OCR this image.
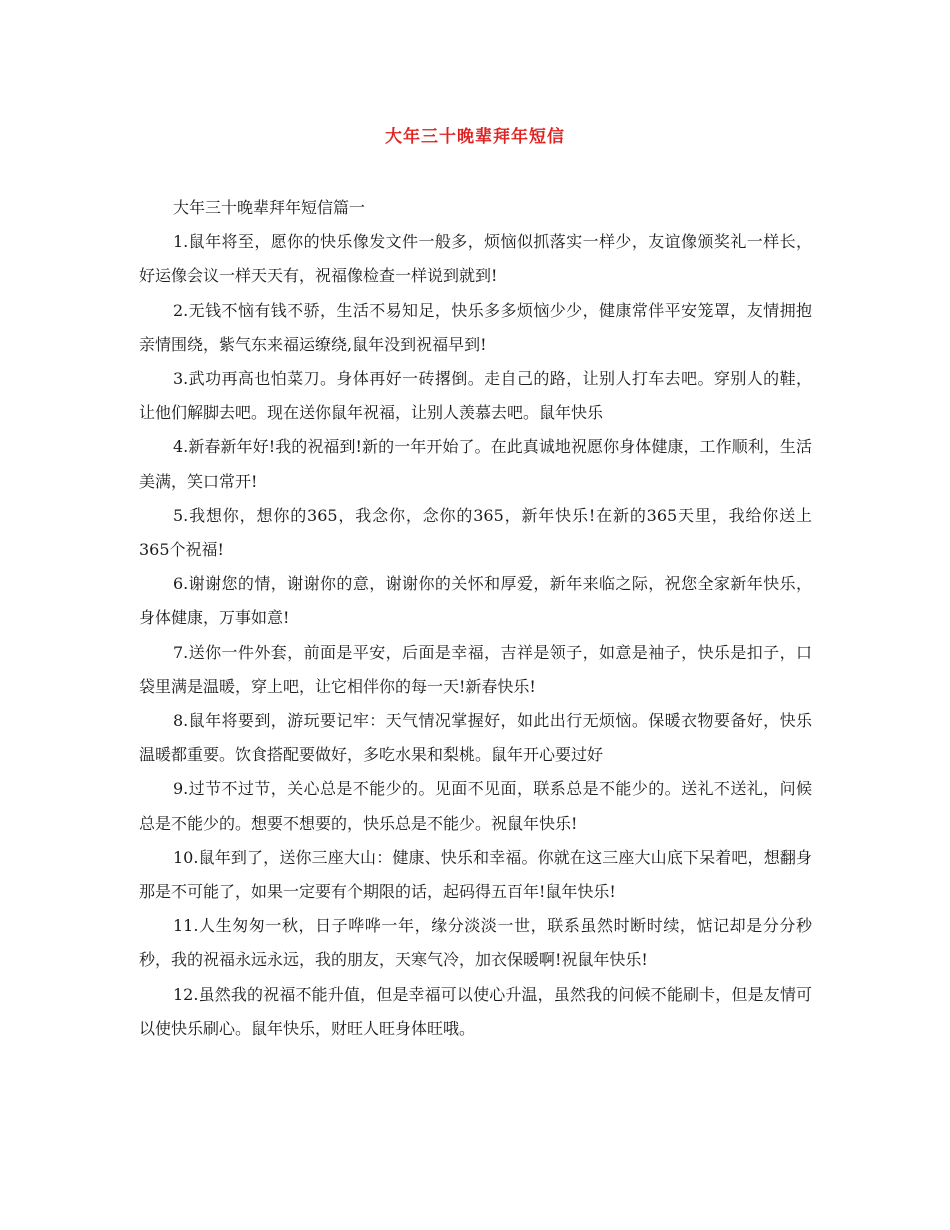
大年三十晚辈拜年短信

大年三十晚辈拜年短信篇一

1.鼠年将至，愿你的快乐像发文件一般多，烦恼似抓落实一样少，友谊像颁奖礼一样长，好运像会议一样天天有，祝福像检查一样说到就到!

2.无钱不恼有钱不骄，生活不易知足，快乐多多烦恼少少，健康常伴平安笼罩，友情拥抱亲情围绕，紫气东来福运缭绕,鼠年没到祝福早到!

3.武功再高也怕菜刀。身体再好一砖撂倒。走自己的路，让别人打车去吧。穿别人的鞋，让他们解脚去吧。现在送你鼠年祝福，让别人羡慕去吧。鼠年快乐

4.新春新年好!我的祝福到!新的一年开始了。在此真诚地祝愿你身体健康，工作顺利，生活美满，笑口常开!

5.我想你，想你的365，我念你，念你的365，新年快乐!在新的365天里，我给你送上365个祝福!

6.谢谢您的情，谢谢你的意，谢谢你的关怀和厚爱，新年来临之际，祝您全家新年快乐，身体健康，万事如意!

7.送你一件外套，前面是平安，后面是幸福，吉祥是领子，如意是袖子，快乐是扣子，口袋里满是温暖，穿上吧，让它相伴你的每一天!新春快乐!

8.鼠年将要到，游玩要记牢：天气情况掌握好，如此出行无烦恼。保暖衣物要备好，快乐温暖都重要。饮食搭配要做好，多吃水果和梨桃。鼠年开心要过好

9.过节不过节，关心总是不能少的。见面不见面，联系总是不能少的。送礼不送礼，问候总是不能少的。想要不想要的，快乐总是不能少。祝鼠年快乐!

10.鼠年到了，送你三座大山：健康、快乐和幸福。你就在这三座大山底下呆着吧，想翻身那是不可能了，如果一定要有个期限的话，起码得五百年!鼠年快乐!

11.人生匆匆一秋，日子哗哗一年，缘分淡淡一世，联系虽然时断时续，惦记却是分分秒秒，我的祝福永远永远，我的朋友，天寒气冷，加衣保暖啊!祝鼠年快乐!

12.虽然我的祝福不能升值，但是幸福可以使心升温，虽然我的问候不能刷卡，但是友情可以使快乐刷心。鼠年快乐，财旺人旺身体旺哦。
